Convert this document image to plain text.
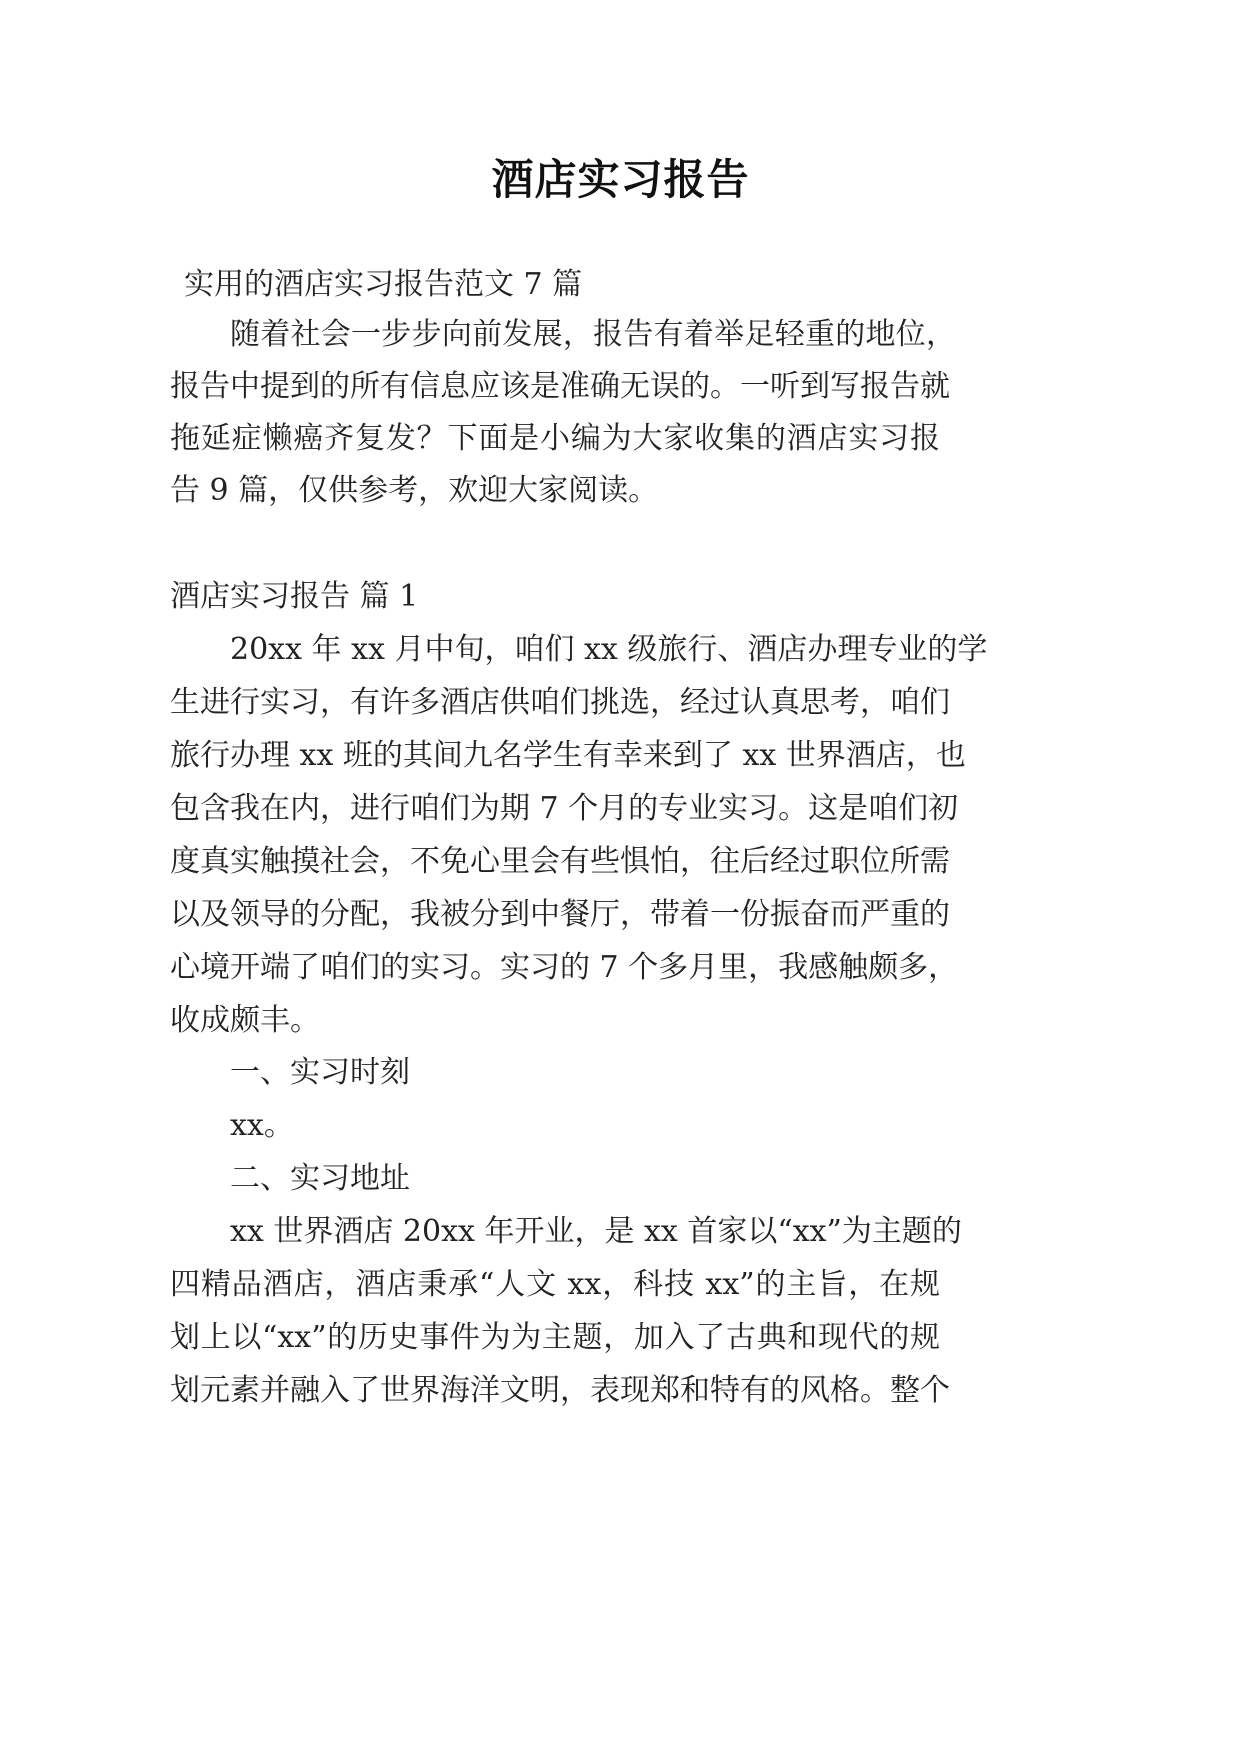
酒店实习报告
实用的酒店实习报告范文 7 篇
随着社会一步步向前发展，报告有着举足轻重的地位，
报告中提到的所有信息应该是准确无误的。一听到写报告就
拖延症懒癌齐复发？下面是小编为大家收集的酒店实习报
告 9 篇，仅供参考，欢迎大家阅读。
酒店实习报告 篇 1
20xx 年 xx 月中旬，咱们 xx 级旅行、酒店办理专业的学
生进行实习，有许多酒店供咱们挑选，经过认真思考，咱们
旅行办理 xx 班的其间九名学生有幸来到了 xx 世界酒店，也
包含我在内，进行咱们为期 7 个月的专业实习。这是咱们初
度真实触摸社会，不免心里会有些惧怕，往后经过职位所需
以及领导的分配，我被分到中餐厅，带着一份振奋而严重的
心境开端了咱们的实习。实习的 7 个多月里，我感触颇多，
收成颇丰。
一、实习时刻
xx。
二、实习地址
xx 世界酒店 20xx 年开业，是 xx 首家以“xx”为主题的
四精品酒店，酒店秉承“人文 xx，科技 xx”的主旨，在规
划上以“xx”的历史事件为为主题，加入了古典和现代的规
划元素并融入了世界海洋文明，表现郑和特有的风格。整个
